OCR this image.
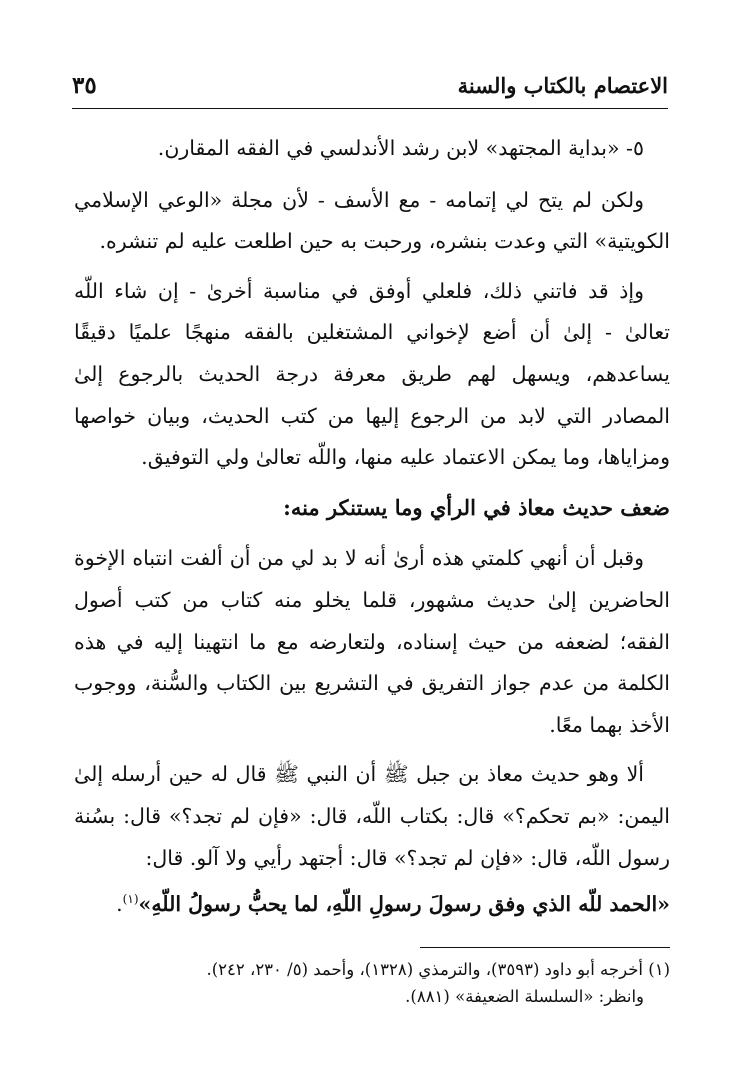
الاعتصام بالكتاب والسنة
٣٥

٥- «بداية المجتهد» لابن رشد الأندلسي في الفقه المقارن.

ولكن لم يتح لي إتمامه - مع الأسف - لأن مجلة «الوعي الإسلامي الكويتية» التي وعدت بنشره، ورحبت به حين اطلعت عليه لم تنشره.

وإذ قد فاتني ذلك، فلعلي أوفق في مناسبة أخرىٰ - إن شاء اللّه تعالىٰ - إلىٰ أن أضع لإخواني المشتغلين بالفقه منهجًا علميًا دقيقًا يساعدهم، ويسهل لهم طريق معرفة درجة الحديث بالرجوع إلىٰ المصادر التي لابد من الرجوع إليها من كتب الحديث، وبيان خواصها ومزاياها، وما يمكن الاعتماد عليه منها، واللّه تعالىٰ ولي التوفيق.

ضعف حديث معاذ في الرأي وما يستنكر منه:

وقبل أن أنهي كلمتي هذه أرىٰ أنه لا بد لي من أن ألفت انتباه الإخوة الحاضرين إلىٰ حديث مشهور، قلما يخلو منه كتاب من كتب أصول الفقه؛ لضعفه من حيث إسناده، ولتعارضه مع ما انتهينا إليه في هذه الكلمة من عدم جواز التفريق في التشريع بين الكتاب والسُّنة، ووجوب الأخذ بهما معًا.

ألا وهو حديث معاذ بن جبل ﷺ أن النبي ﷺ قال له حين أرسله إلىٰ اليمن: «بم تحكم؟» قال: بكتاب اللّه، قال: «فإن لم تجد؟» قال: بسُنة رسول اللّه، قال: «فإن لم تجد؟» قال: أجتهد رأيي ولا آلو. قال:

«الحمد للّه الذي وفق رسولَ رسولِ اللّهِ، لما يحبُّ رسولُ اللّهِ»$^{(١)}$.

(١) أخرجه أبو داود (٣٥٩٣)، والترمذي (١٣٢٨)، وأحمد (٥/ ٢٣٠، ٢٤٢).
وانظر: «السلسلة الضعيفة» (٨٨١).
